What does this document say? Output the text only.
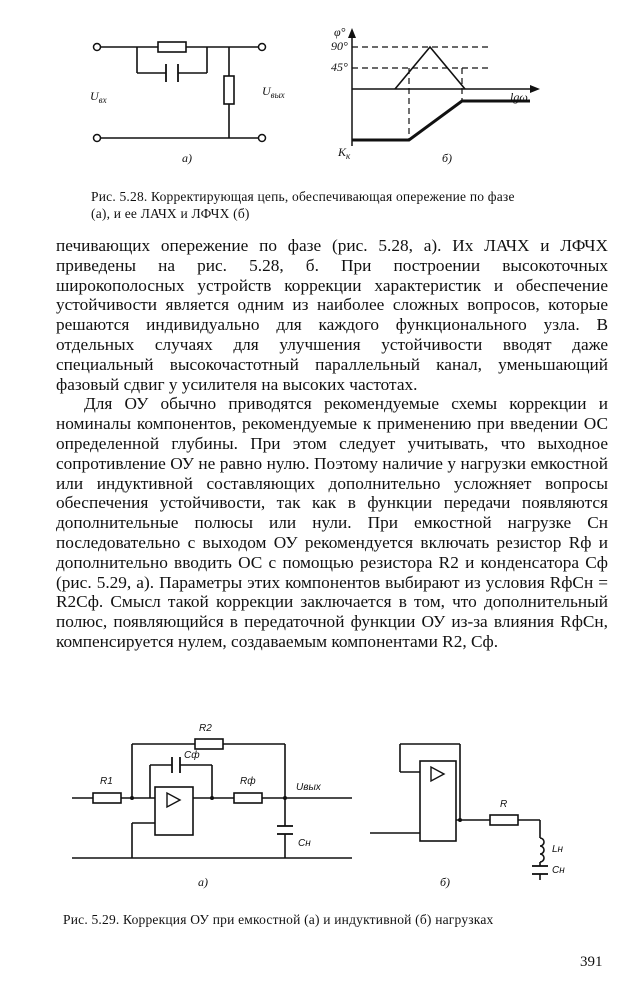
$U_{вх}$
$U_{вых}$
а)
φ°
90°
45°
lgω
$K_к$	б)
Рис. 5.28. Корректирующая цепь, обеспечивающая опережение по фазе (а), и ее ЛАЧХ и ЛФЧХ (б)

печивающих опережение по фазе (рис. 5.28, а). Их ЛАЧХ и ЛФЧХ приведены на рис. 5.28, б. При построении высокоточных широкополосных устройств коррекции характеристик и обеспечение устойчивости является одним из наиболее сложных вопросов, которые решаются индивидуально для каждого функционального узла. В отдельных случаях для улучшения устойчивости вводят даже специальный высокочастотный параллельный канал, уменьшающий фазовый сдвиг у усилителя на высоких частотах.

Для ОУ обычно приводятся рекомендуемые схемы коррекции и номиналы компонентов, рекомендуемые к применению при введении ОС определенной глубины. При этом следует учитывать, что выходное сопротивление ОУ не равно нулю. Поэтому наличие у нагрузки емкостной или индуктивной составляющих дополнительно усложняет вопросы обеспечения устойчивости, так как в функции передачи появляются дополнительные полюсы или нули. При емкостной нагрузке Cн последовательно с выходом ОУ рекомендуется включать резистор Rф и дополнительно вводить ОС с помощью резистора R2 и конденсатора Cф (рис. 5.29, а). Параметры этих компонентов выбирают из условия RфCн = R2Cф. Смысл такой коррекции заключается в том, что дополнительный полюс, появляющийся в передаточной функции ОУ из-за влияния RфCн, компенсируется нулем, создаваемым компонентами R2, Cф.

R1
R2
Cф
Rф
Uвых
Cн
а)
R
Lн
Cн
б)
Рис. 5.29. Коррекция ОУ при емкостной (а) и индуктивной (б) нагрузках
391
